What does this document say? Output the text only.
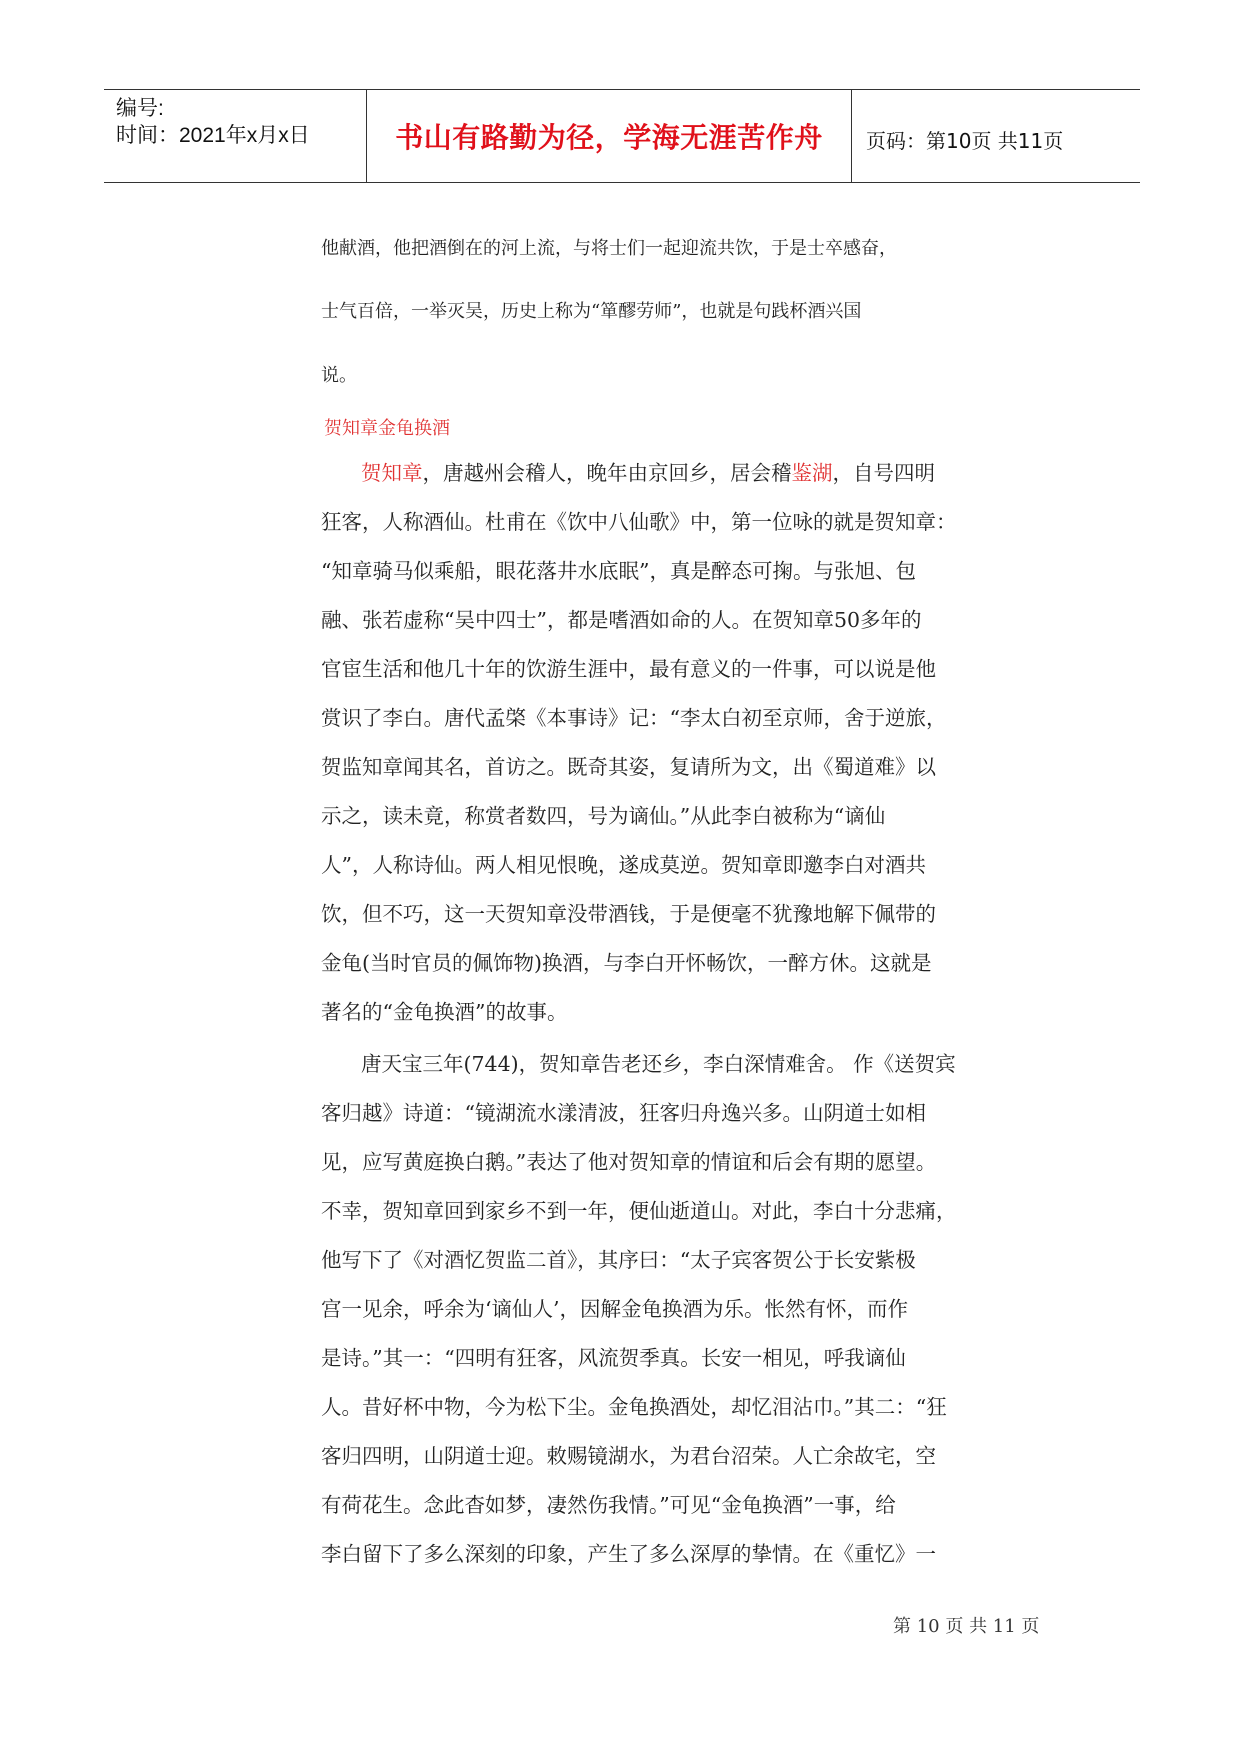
编号:
时间：2021年x月x日	书山有路勤为径，学海无涯苦作舟	页码：第10页 共11页
他献酒，他把酒倒在的河上流，与将士们一起迎流共饮，于是士卒感奋，
士气百倍，一举灭吴，历史上称为“箪醪劳师”，也就是句践杯酒兴国
说。
贺知章金龟换酒
贺知章，唐越州会稽人，晚年由京回乡，居会稽鉴湖，自号四明
狂客，人称酒仙。杜甫在《饮中八仙歌》中，第一位咏的就是贺知章：
“知章骑马似乘船，眼花落井水底眠”，真是醉态可掬。与张旭、包
融、张若虚称“吴中四士”，都是嗜酒如命的人。在贺知章50多年的
官宦生活和他几十年的饮游生涯中，最有意义的一件事，可以说是他
赏识了李白。唐代孟棨《本事诗》记：“李太白初至京师，舍于逆旅，
贺监知章闻其名，首访之。既奇其姿，复请所为文，出《蜀道难》以
示之，读未竟，称赏者数四，号为谪仙。”从此李白被称为“谪仙
人”，人称诗仙。两人相见恨晚，遂成莫逆。贺知章即邀李白对酒共
饮，但不巧，这一天贺知章没带酒钱，于是便毫不犹豫地解下佩带的
金龟(当时官员的佩饰物)换酒，与李白开怀畅饮，一醉方休。这就是
著名的“金龟换酒”的故事。
唐天宝三年(744)，贺知章告老还乡，李白深情难舍。 作《送贺宾
客归越》诗道：“镜湖流水漾清波，狂客归舟逸兴多。山阴道士如相
见，应写黄庭换白鹅。”表达了他对贺知章的情谊和后会有期的愿望。
不幸，贺知章回到家乡不到一年，便仙逝道山。对此，李白十分悲痛，
他写下了《对酒忆贺监二首》，其序曰：“太子宾客贺公于长安紫极
宫一见余，呼余为‘谪仙人’，因解金龟换酒为乐。怅然有怀，而作
是诗。”其一：“四明有狂客，风流贺季真。长安一相见，呼我谪仙
人。昔好杯中物，今为松下尘。金龟换酒处，却忆泪沾巾。”其二：“狂
客归四明，山阴道士迎。敕赐镜湖水，为君台沼荣。人亡余故宅，空
有荷花生。念此杳如梦，凄然伤我情。”可见“金龟换酒”一事，给
李白留下了多么深刻的印象，产生了多么深厚的挚情。在《重忆》一
第 10 页 共 11 页
